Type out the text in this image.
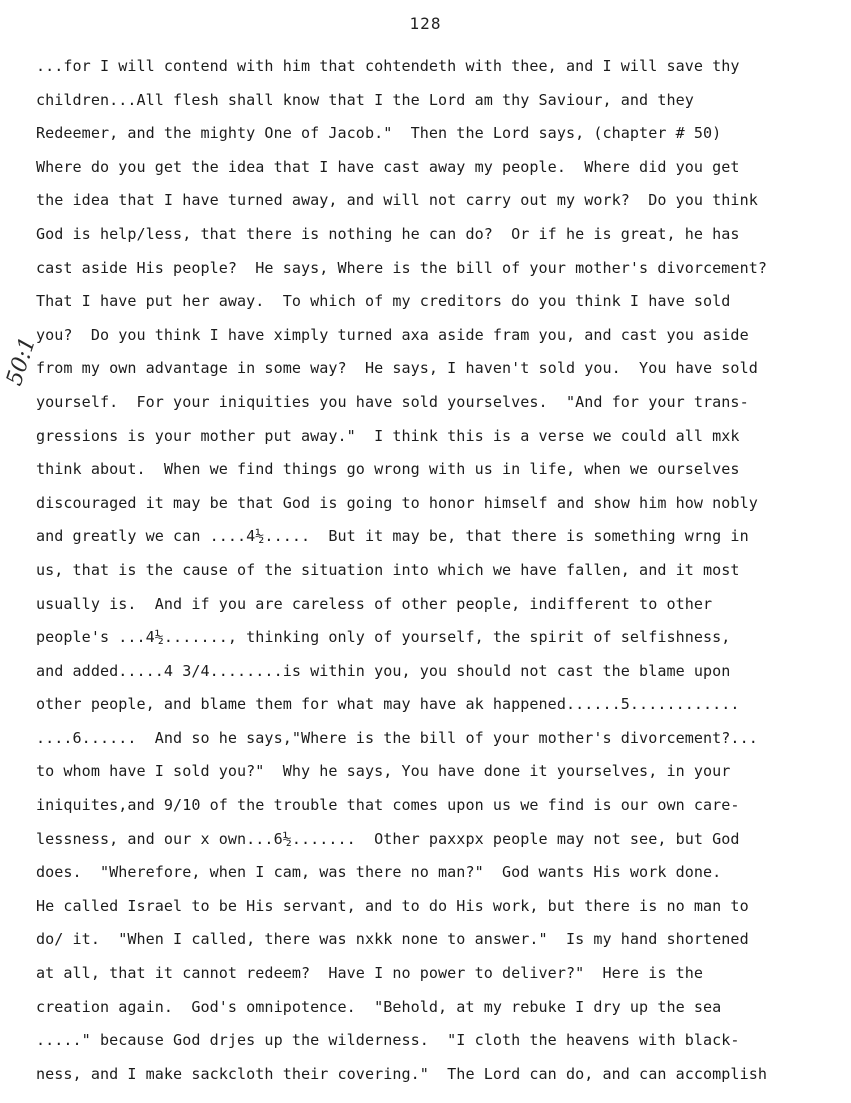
128
50:1
...for I will contend with him that cohtendeth with thee, and I will save thy
children...All flesh shall know that I the Lord am thy Saviour, and they
Redeemer, and the mighty One of Jacob."  Then the Lord says, (chapter # 50)
Where do you get the idea that I have cast away my people.  Where did you get
the idea that I have turned away, and will not carry out my work?  Do you think
God is help/less, that there is nothing he can do?  Or if he is great, he has
cast aside His people?  He says, Where is the bill of your mother's divorcement?
That I have put her away.  To which of my creditors do you think I have sold
you?  Do you think I have ximply turned axa aside fram you, and cast you aside
from my own advantage in some way?  He says, I haven't sold you.  You have sold
yourself.  For your iniquities you have sold yourselves.  "And for your trans-
gressions is your mother put away."  I think this is a verse we could all mxk
think about.  When we find things go wrong with us in life, when we ourselves
discouraged it may be that God is going to honor himself and show him how nobly
and greatly we can ....4½.....  But it may be, that there is something wrng in
us, that is the cause of the situation into which we have fallen, and it most
usually is.  And if you are careless of other people, indifferent to other
people's ...4½......., thinking only of yourself, the spirit of selfishness,
and added.....4 3/4........is within you, you should not cast the blame upon
other people, and blame them for what may have ak happened......5............
....6......  And so he says,"Where is the bill of your mother's divorcement?...
to whom have I sold you?"  Why he says, You have done it yourselves, in your
iniquites,and 9/10 of the trouble that comes upon us we find is our own care-
lessness, and our x own...6½.......  Other paxxpx people may not see, but God
does.  "Wherefore, when I cam, was there no man?"  God wants His work done.
He called Israel to be His servant, and to do His work, but there is no man to
do/ it.  "When I called, there was nxkk none to answer."  Is my hand shortened
at all, that it cannot redeem?  Have I no power to deliver?"  Here is the
creation again.  God's omnipotence.  "Behold, at my rebuke I dry up the sea
....." because God drjes up the wilderness.  "I cloth the heavens with black-
ness, and I make sackcloth their covering."  The Lord can do, and can accomplish
